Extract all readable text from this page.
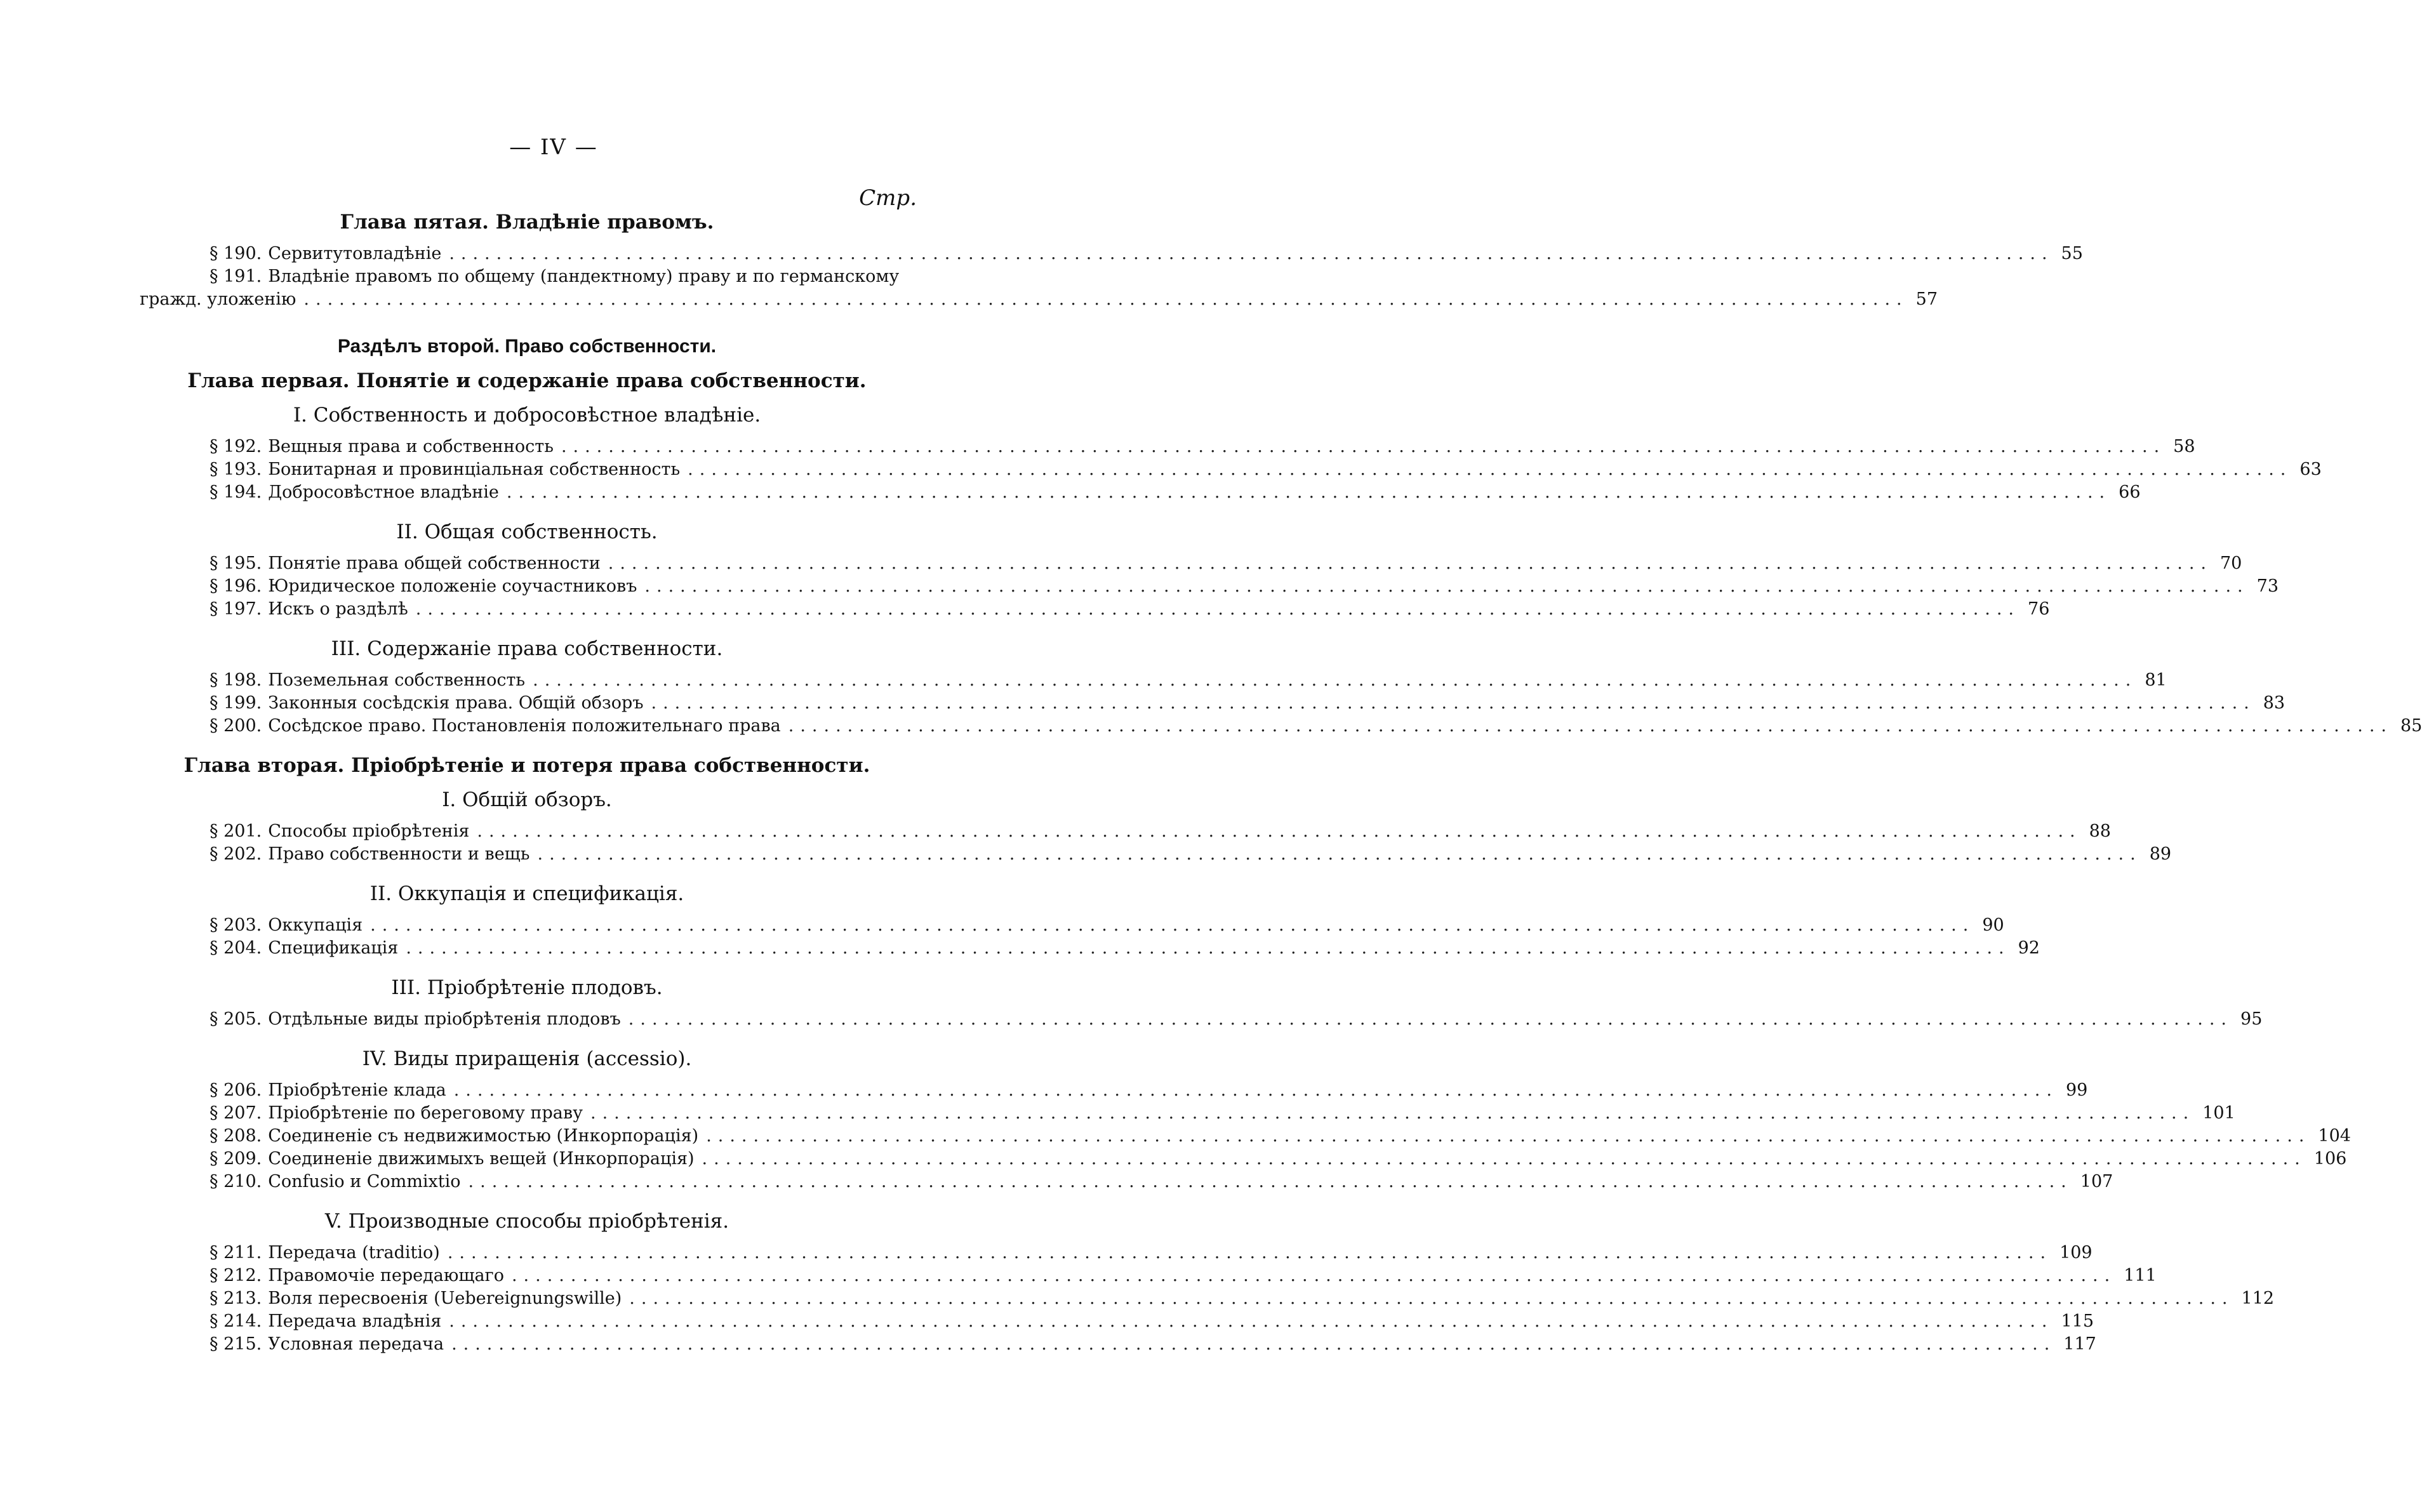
— IV —
Стр.
Глава пятая. Владѣніе правомъ.
§ 190. Сервитутовладѣніе ........................................................................................................................................ 55
§ 191. Владѣніе правомъ по общему (пандектному) праву и по германскому
гражд. уложенію ........................................................................................................................................ 57
Раздѣлъ второй. Право собственности.
Глава первая. Понятіе и содержаніе права собственности.
I. Собственность и добросовѣстное владѣніе.
§ 192. Вещныя права и собственность ........................................................................................................................................ 58
§ 193. Бонитарная и провинціальная собственность ........................................................................................................................................ 63
§ 194. Добросовѣстное владѣніе ........................................................................................................................................ 66
II. Общая собственность.
§ 195. Понятіе права общей собственности ........................................................................................................................................ 70
§ 196. Юридическое положеніе соучастниковъ ........................................................................................................................................ 73
§ 197. Искъ о раздѣлѣ ........................................................................................................................................ 76
III. Содержаніе права собственности.
§ 198. Поземельная собственность ........................................................................................................................................ 81
§ 199. Законныя сосѣдскія права. Общій обзоръ ........................................................................................................................................ 83
§ 200. Сосѣдское право. Постановленія положительнаго права ........................................................................................................................................ 85
Глава вторая. Пріобрѣтеніе и потеря права собственности.
I. Общій обзоръ.
§ 201. Способы пріобрѣтенія ........................................................................................................................................ 88
§ 202. Право собственности и вещь ........................................................................................................................................ 89
II. Оккупація и спецификація.
§ 203. Оккупація ........................................................................................................................................ 90
§ 204. Спецификація ........................................................................................................................................ 92
III. Пріобрѣтеніе плодовъ.
§ 205. Отдѣльные виды пріобрѣтенія плодовъ ........................................................................................................................................ 95
IV. Виды приращенія (accessio).
§ 206. Пріобрѣтеніе клада ........................................................................................................................................ 99
§ 207. Пріобрѣтеніе по береговому праву ........................................................................................................................................ 101
§ 208. Соединеніе съ недвижимостью (Инкорпорація) ........................................................................................................................................ 104
§ 209. Соединеніе движимыхъ вещей (Инкорпорація) ........................................................................................................................................ 106
§ 210. Confusio и Commixtio ........................................................................................................................................ 107
V. Производные способы пріобрѣтенія.
§ 211. Передача (traditio) ........................................................................................................................................ 109
§ 212. Правомочіе передающаго ........................................................................................................................................ 111
§ 213. Воля пересвоенія (Uebereignungswille) ........................................................................................................................................ 112
§ 214. Передача владѣнія ........................................................................................................................................ 115
§ 215. Условная передача ........................................................................................................................................ 117
